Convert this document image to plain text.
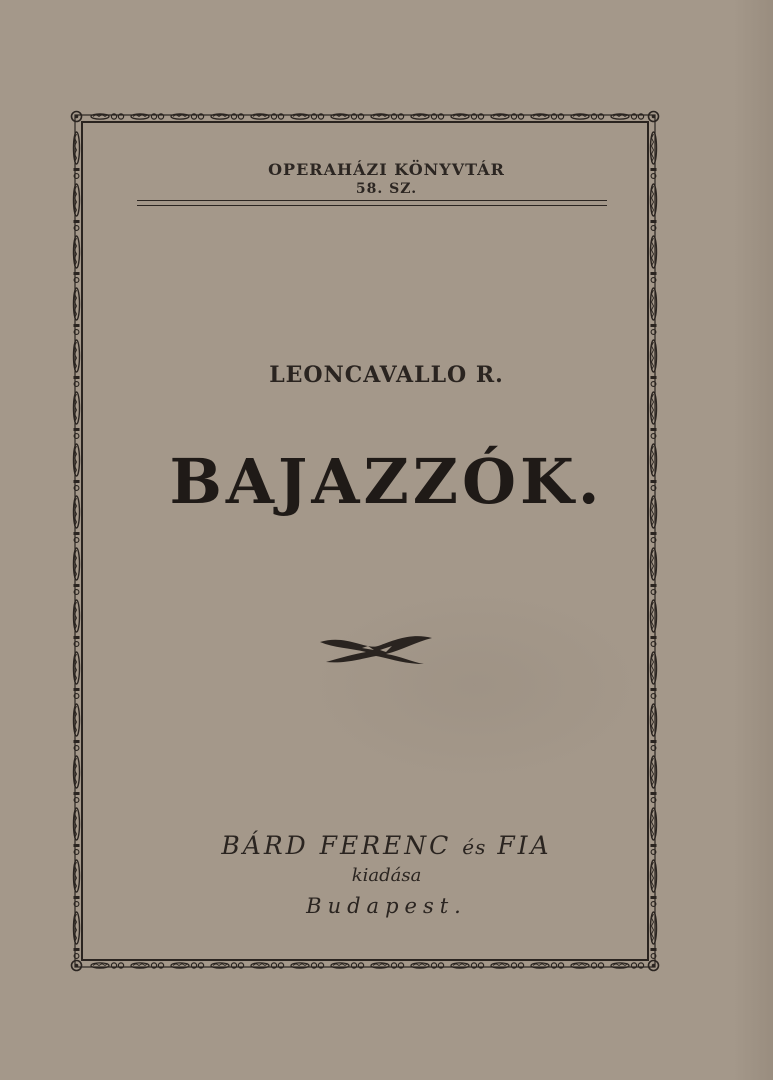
OPERAHÁZI KÖNYVTÁR
58. SZ.
LEONCAVALLO R.
BAJAZZÓK.
BÁRD FERENC és FIA
kiadása
Budapest.
